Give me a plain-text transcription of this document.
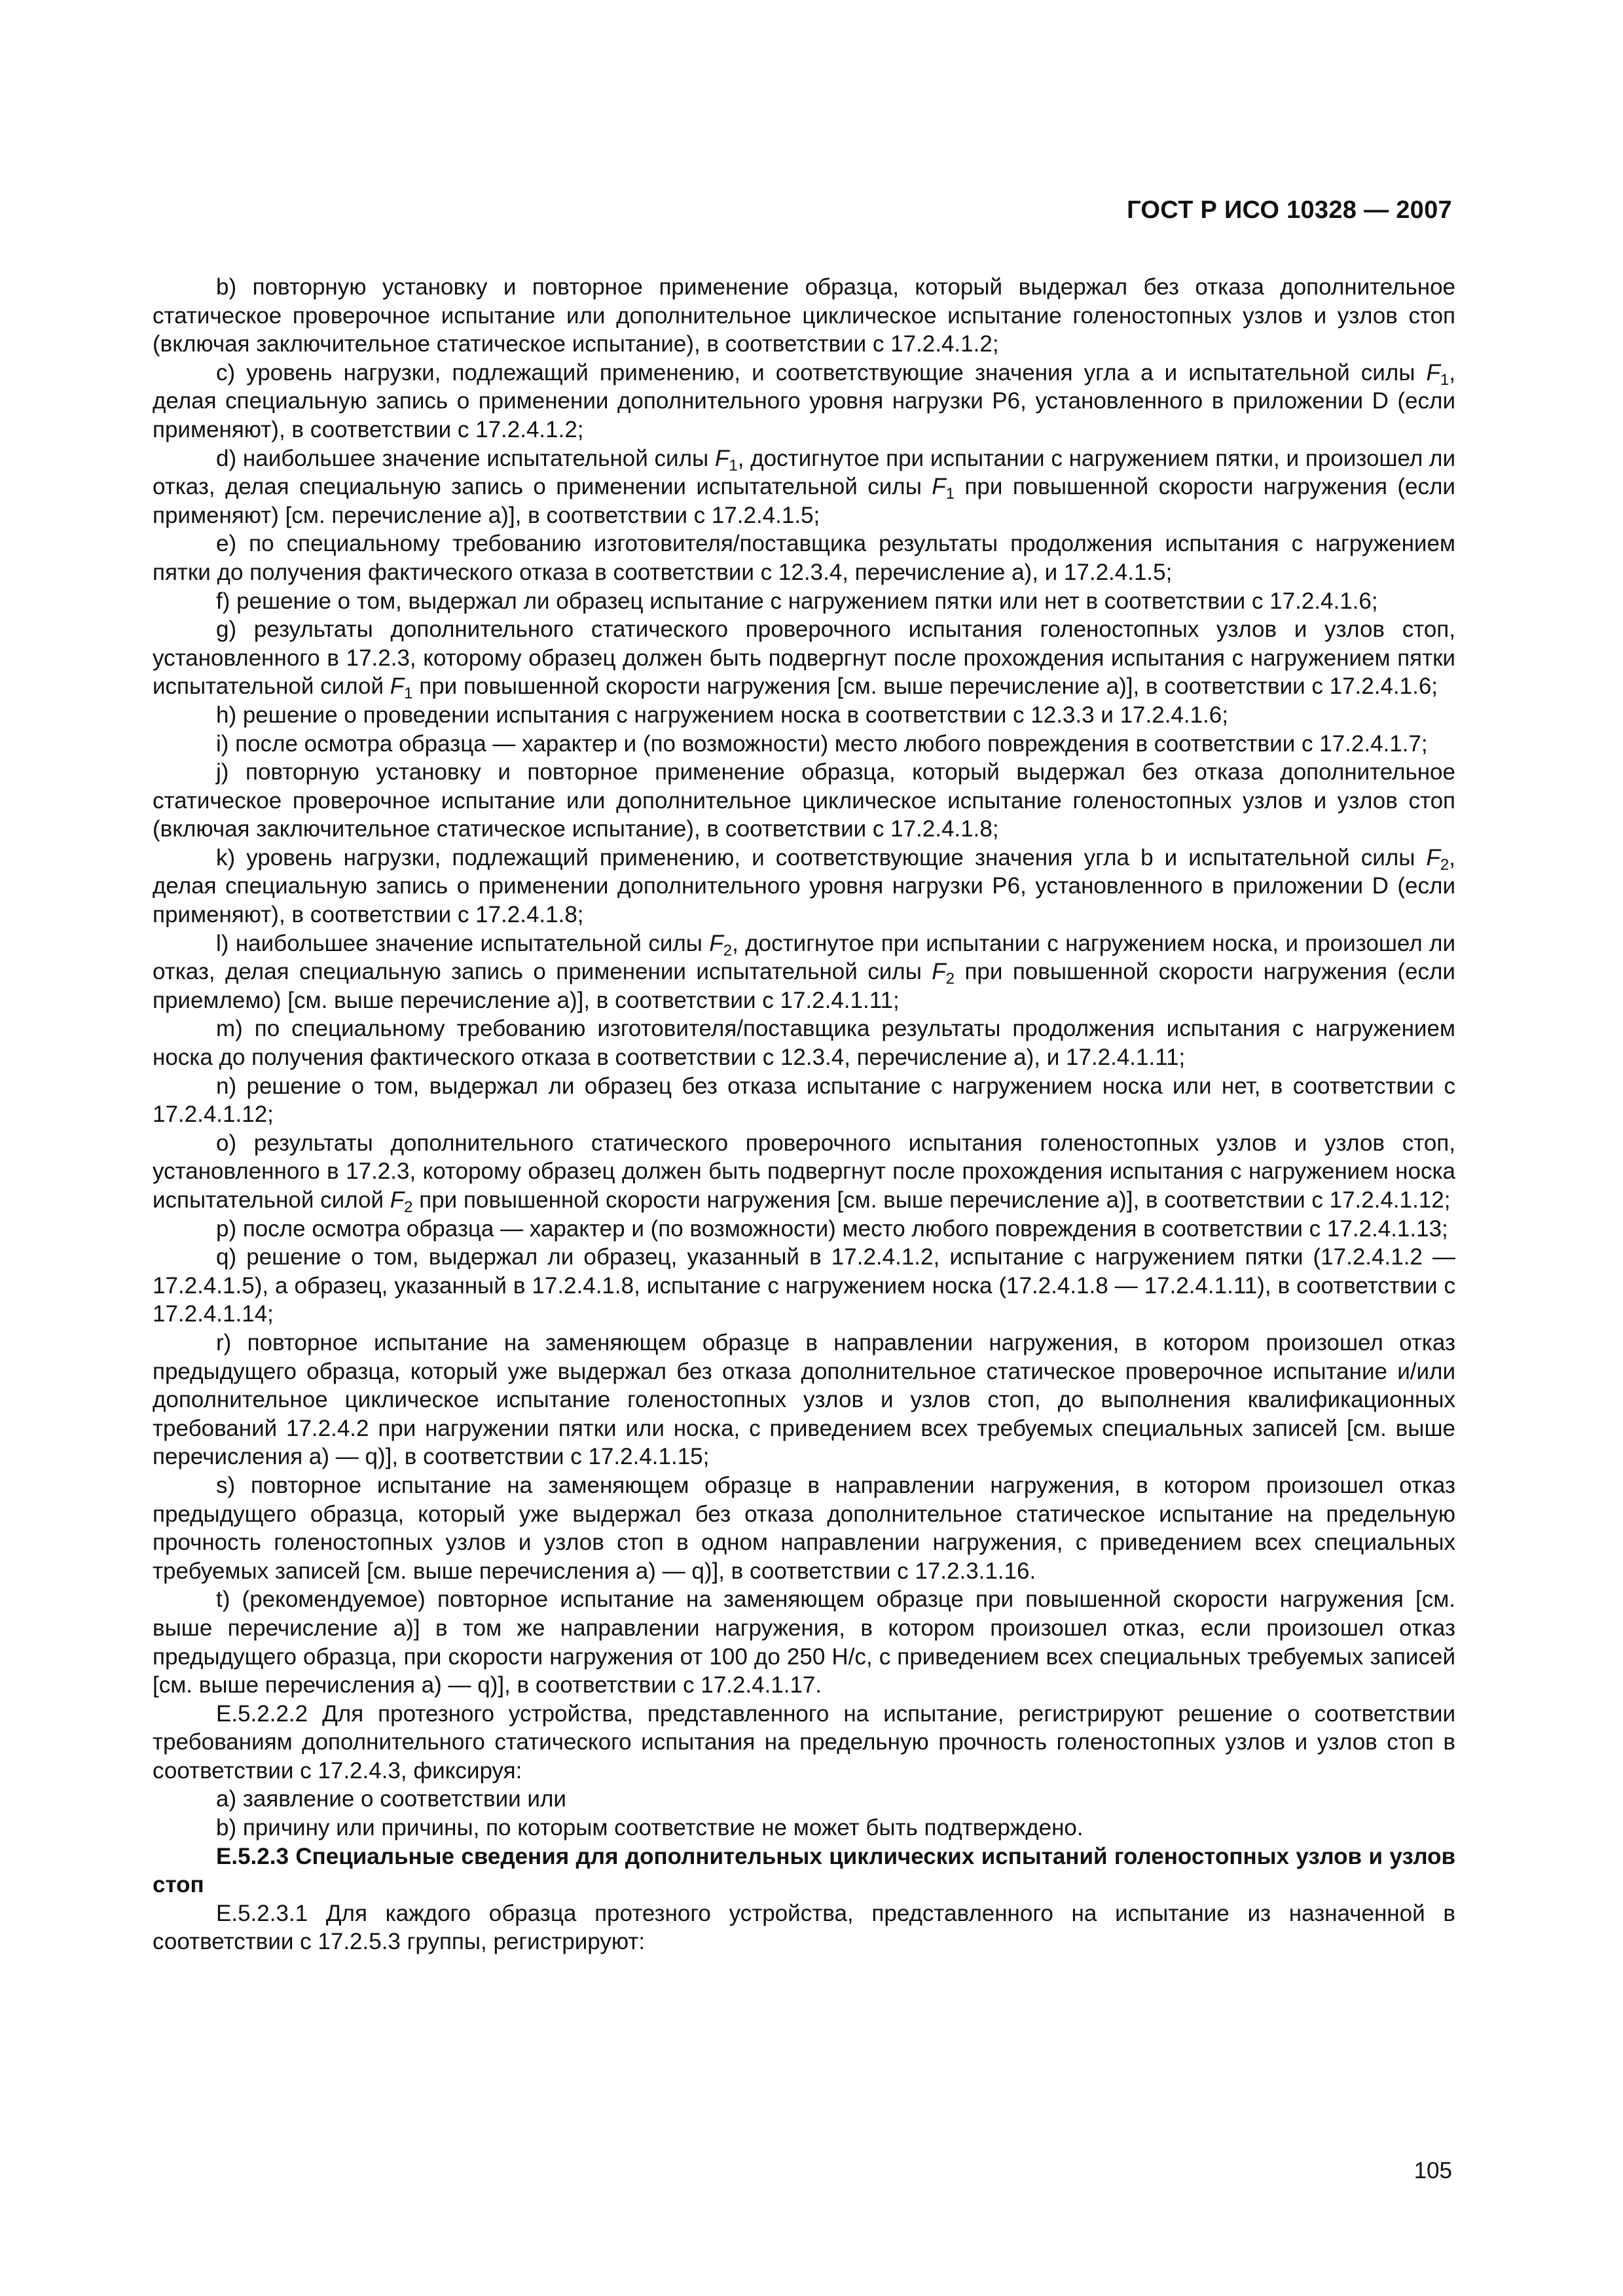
ГОСТ Р ИСО 10328 — 2007

b) повторную установку и повторное применение образца, который выдержал без отказа дополнительное статическое проверочное испытание или дополнительное циклическое испытание голеностопных узлов и узлов стоп (включая заключительное статическое испытание), в соответствии с 17.2.4.1.2;

с) уровень нагрузки, подлежащий применению, и соответствующие значения угла a и испытательной силы $F_1$, делая специальную запись о применении дополнительного уровня нагрузки Р6, установленного в приложении D (если применяют), в соответствии с 17.2.4.1.2;

d) наибольшее значение испытательной силы $F_1$, достигнутое при испытании с нагружением пятки, и произошел ли отказ, делая специальную запись о применении испытательной силы $F_1$ при повышенной скорости нагружения (если применяют) [см. перечисление а)], в соответствии с 17.2.4.1.5;

е) по специальному требованию изготовителя/поставщика результаты продолжения испытания с нагружением пятки до получения фактического отказа в соответствии с 12.3.4, перечисление а), и 17.2.4.1.5;

f) решение о том, выдержал ли образец испытание с нагружением пятки или нет в соответствии с 17.2.4.1.6;

g) результаты дополнительного статического проверочного испытания голеностопных узлов и узлов стоп, установленного в 17.2.3, которому образец должен быть подвергнут после прохождения испытания с нагружением пятки испытательной силой $F_1$ при повышенной скорости нагружения [см. выше перечисление а)], в соответствии с 17.2.4.1.6;

h) решение о проведении испытания с нагружением носка в соответствии с 12.3.3 и 17.2.4.1.6;

i) после осмотра образца — характер и (по возможности) место любого повреждения в соответствии с 17.2.4.1.7;

j) повторную установку и повторное применение образца, который выдержал без отказа дополнительное статическое проверочное испытание или дополнительное циклическое испытание голеностопных узлов и узлов стоп (включая заключительное статическое испытание), в соответствии с 17.2.4.1.8;

k) уровень нагрузки, подлежащий применению, и соответствующие значения угла b и испытательной силы $F_2$, делая специальную запись о применении дополнительного уровня нагрузки Р6, установленного в приложении D (если применяют), в соответствии с 17.2.4.1.8;

l) наибольшее значение испытательной силы $F_2$, достигнутое при испытании с нагружением носка, и произошел ли отказ, делая специальную запись о применении испытательной силы $F_2$ при повышенной скорости нагружения (если приемлемо) [см. выше перечисление а)], в соответствии с 17.2.4.1.11;

m) по специальному требованию изготовителя/поставщика результаты продолжения испытания с нагружением носка до получения фактического отказа в соответствии с 12.3.4, перечисление а), и 17.2.4.1.11;

n) решение о том, выдержал ли образец без отказа испытание с нагружением носка или нет, в соответствии с 17.2.4.1.12;

о) результаты дополнительного статического проверочного испытания голеностопных узлов и узлов стоп, установленного в 17.2.3, которому образец должен быть подвергнут после прохождения испытания с нагружением носка испытательной силой $F_2$ при повышенной скорости нагружения [см. выше перечисление а)], в соответствии с 17.2.4.1.12;

р) после осмотра образца — характер и (по возможности) место любого повреждения в соответствии с 17.2.4.1.13;

q) решение о том, выдержал ли образец, указанный в 17.2.4.1.2, испытание с нагружением пятки (17.2.4.1.2 — 17.2.4.1.5), а образец, указанный в 17.2.4.1.8, испытание с нагружением носка (17.2.4.1.8 — 17.2.4.1.11), в соответствии с 17.2.4.1.14;

r) повторное испытание на заменяющем образце в направлении нагружения, в котором произошел отказ предыдущего образца, который уже выдержал без отказа дополнительное статическое проверочное испытание и/или дополнительное циклическое испытание голеностопных узлов и узлов стоп, до выполнения квалификационных требований 17.2.4.2 при нагружении пятки или носка, с приведением всех требуемых специальных записей [см. выше перечисления а) — q)], в соответствии с 17.2.4.1.15;

s) повторное испытание на заменяющем образце в направлении нагружения, в котором произошел отказ предыдущего образца, который уже выдержал без отказа дополнительное статическое испытание на предельную прочность голеностопных узлов и узлов стоп в одном направлении нагружения, с приведением всех специальных требуемых записей [см. выше перечисления а) — q)], в соответствии с 17.2.3.1.16.

t) (рекомендуемое) повторное испытание на заменяющем образце при повышенной скорости нагружения [см. выше перечисление а)] в том же направлении нагружения, в котором произошел отказ, если произошел отказ предыдущего образца, при скорости нагружения от 100 до 250 Н/с, с приведением всех специальных требуемых записей [см. выше перечисления а) — q)], в соответствии с 17.2.4.1.17.

Е.5.2.2.2 Для протезного устройства, представленного на испытание, регистрируют решение о соответствии требованиям дополнительного статического испытания на предельную прочность голеностопных узлов и узлов стоп в соответствии с 17.2.4.3, фиксируя:

а) заявление о соответствии или

b) причину или причины, по которым соответствие не может быть подтверждено.

Е.5.2.3 Специальные сведения для дополнительных циклических испытаний голеностопных узлов и узлов стоп

Е.5.2.3.1 Для каждого образца протезного устройства, представленного на испытание из назначенной в соответствии с 17.2.5.3 группы, регистрируют:

105
